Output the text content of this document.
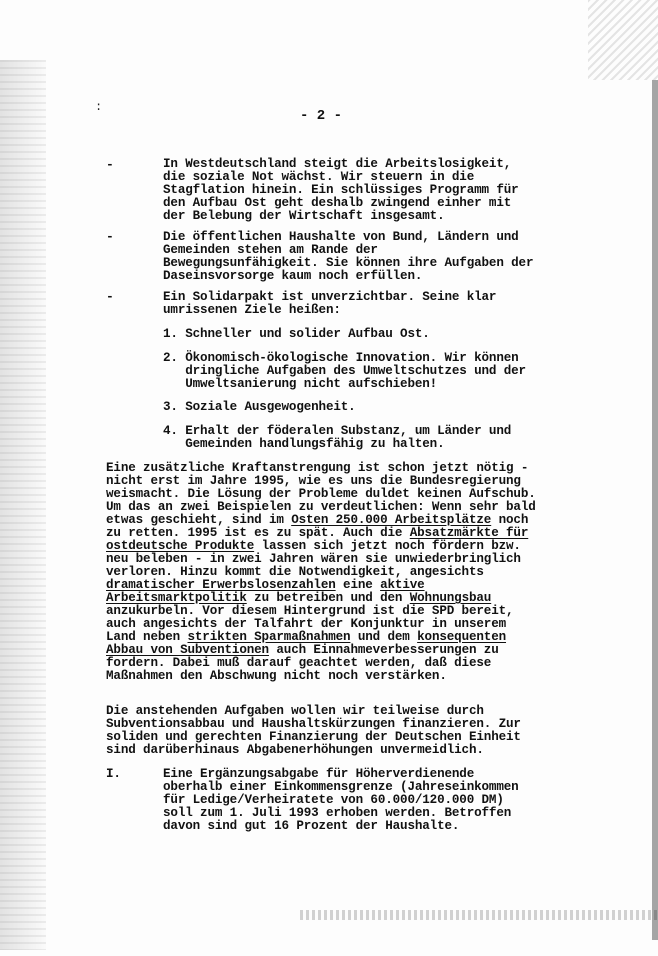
:
- 2 -
-	In Westdeutschland steigt die Arbeitslosigkeit,
die soziale Not wächst. Wir steuern in die
Stagflation hinein. Ein schlüssiges Programm für
den Aufbau Ost geht deshalb zwingend einher mit
der Belebung der Wirtschaft insgesamt.
-	Die öffentlichen Haushalte von Bund, Ländern und
Gemeinden stehen am Rande der
Bewegungsunfähigkeit. Sie können ihre Aufgaben der
Daseinsvorsorge kaum noch erfüllen.
-	Ein Solidarpakt ist unverzichtbar. Seine klar
umrissenen Ziele heißen:
1. Schneller und solider Aufbau Ost.
2. Ökonomisch-ökologische Innovation. Wir können
dringliche Aufgaben des Umweltschutzes und der
Umweltsanierung nicht aufschieben!
3. Soziale Ausgewogenheit.
4. Erhalt der föderalen Substanz, um Länder und
Gemeinden handlungsfähig zu halten.
Eine zusätzliche Kraftanstrengung ist schon jetzt nötig -
nicht erst im Jahre 1995, wie es uns die Bundesregierung
weismacht. Die Lösung der Probleme duldet keinen Aufschub.
Um das an zwei Beispielen zu verdeutlichen: Wenn sehr bald
etwas geschieht, sind im Osten 250.000 Arbeitsplätze noch
zu retten. 1995 ist es zu spät. Auch die Absatzmärkte für
ostdeutsche Produkte lassen sich jetzt noch fördern bzw.
neu beleben - in zwei Jahren wären sie unwiederbringlich
verloren. Hinzu kommt die Notwendigkeit, angesichts
dramatischer Erwerbslosenzahlen eine aktive
Arbeitsmarktpolitik zu betreiben und den Wohnungsbau
anzukurbeln. Vor diesem Hintergrund ist die SPD bereit,
auch angesichts der Talfahrt der Konjunktur in unserem
Land neben strikten Sparmaßnahmen und dem konsequenten
Abbau von Subventionen auch Einnahmeverbesserungen zu
fordern. Dabei muß darauf geachtet werden, daß diese
Maßnahmen den Abschwung nicht noch verstärken.
Die anstehenden Aufgaben wollen wir teilweise durch
Subventionsabbau und Haushaltskürzungen finanzieren. Zur
soliden und gerechten Finanzierung der Deutschen Einheit
sind darüberhinaus Abgabenerhöhungen unvermeidlich.
I.	Eine Ergänzungsabgabe für Höherverdienende
oberhalb einer Einkommensgrenze (Jahreseinkommen
für Ledige/Verheiratete von 60.000/120.000 DM)
soll zum 1. Juli 1993 erhoben werden. Betroffen
davon sind gut 16 Prozent der Haushalte.
